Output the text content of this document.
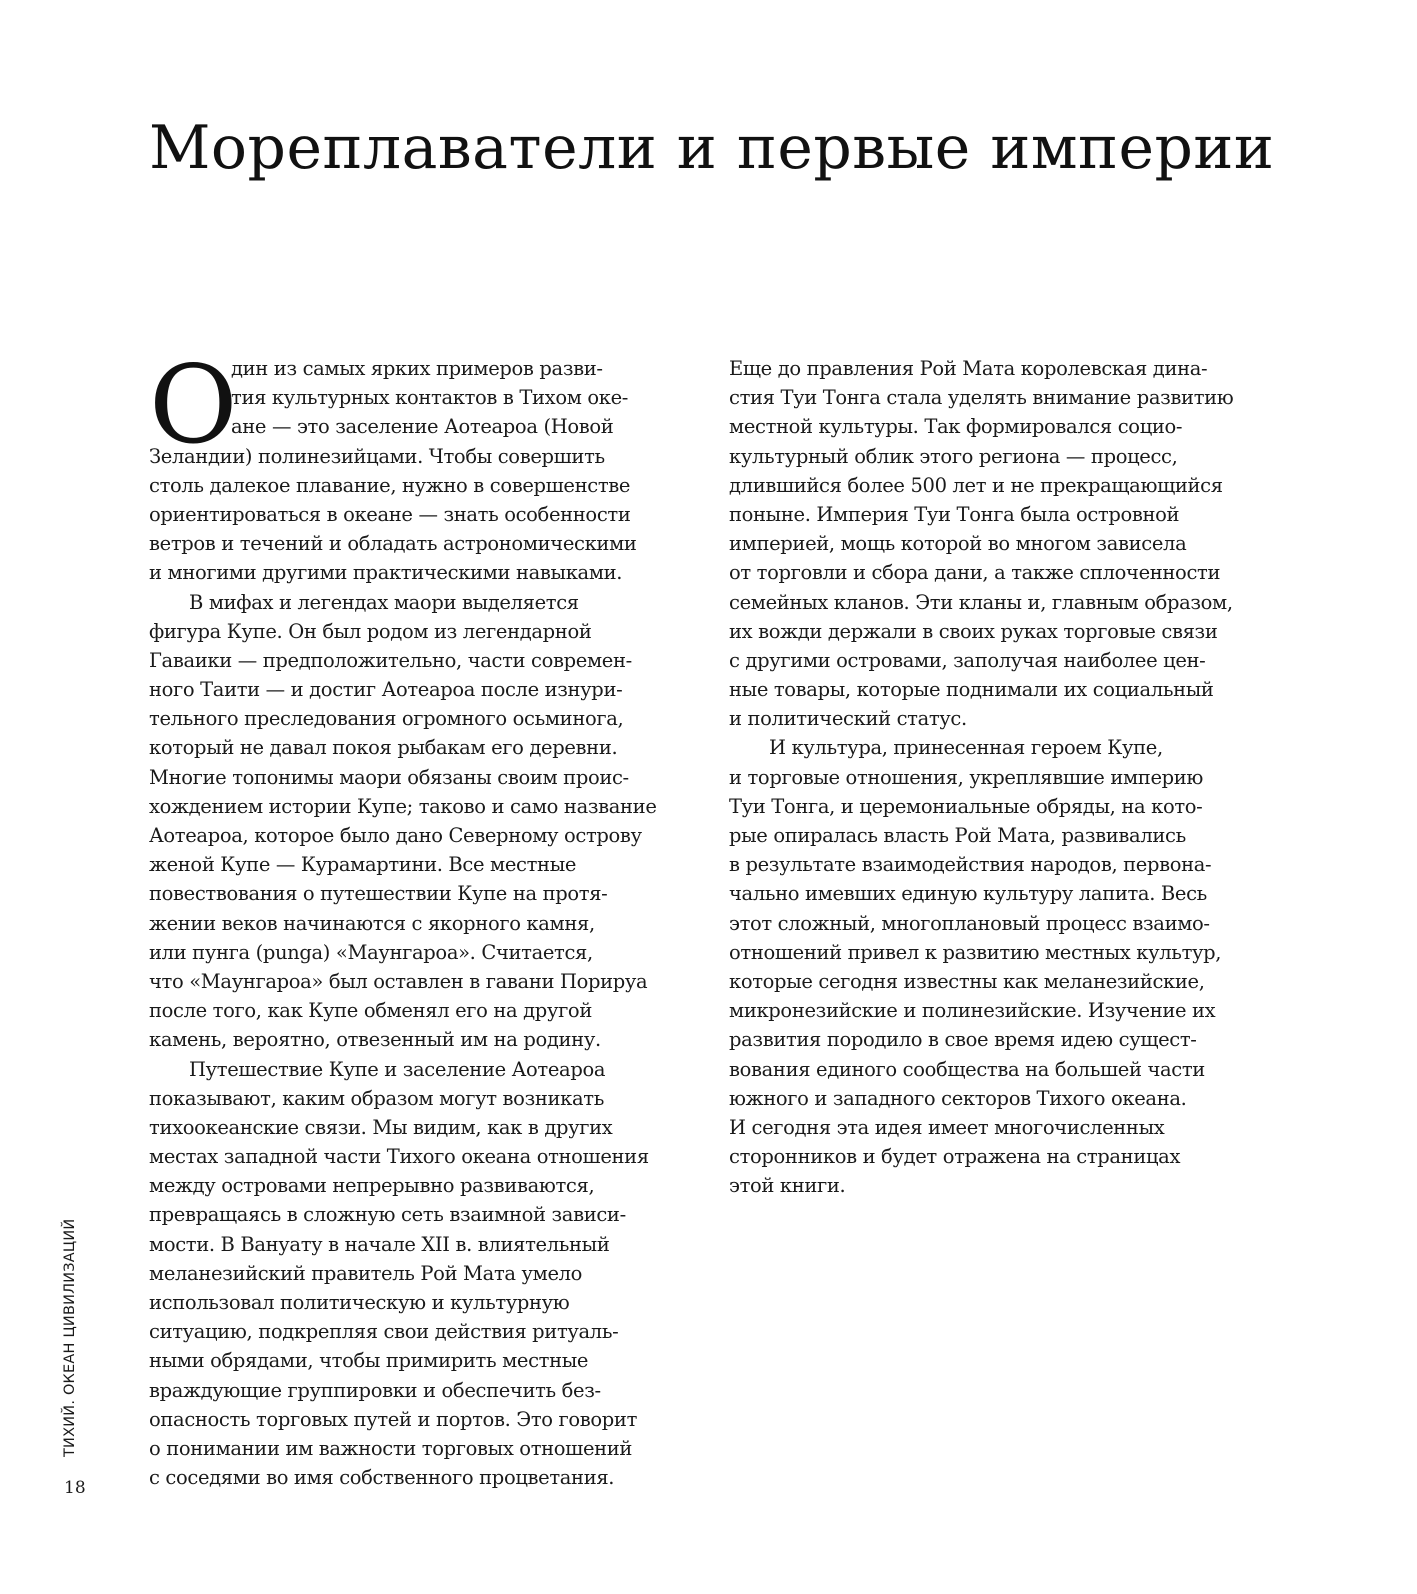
Мореплаватели и первые империи
О
дин из самых ярких примеров разви-
тия культурных контактов в Тихом оке-
ане — это заселение Аотеароа (Новой
Зеландии) полинезийцами. Чтобы совершить
столь далекое плавание, нужно в совершенстве
ориентироваться в океане — знать особенности
ветров и течений и обладать астрономическими
и многими другими практическими навыками.
В мифах и легендах маори выделяется
фигура Купе. Он был родом из легендарной
Гаваики — предположительно, части современ-
ного Таити — и достиг Аотеароа после изнури-
тельного преследования огромного осьминога,
который не давал покоя рыбакам его деревни.
Многие топонимы маори обязаны своим проис-
хождением истории Купе; таково и само название
Аотеароа, которое было дано Северному острову
женой Купе — Курамартини. Все местные
повествования о путешествии Купе на протя-
жении веков начинаются с якорного камня,
или пунга (punga) «Маунгароа». Считается,
что «Маунгароа» был оставлен в гавани Порируа
после того, как Купе обменял его на другой
камень, вероятно, отвезенный им на родину.
Путешествие Купе и заселение Аотеароа
показывают, каким образом могут возникать
тихоокеанские связи. Мы видим, как в других
местах западной части Тихого океана отношения
между островами непрерывно развиваются,
превращаясь в сложную сеть взаимной зависи-
мости. В Вануату в начале XII в. влиятельный
меланезийский правитель Рой Мата умело
использовал политическую и культурную
ситуацию, подкрепляя свои действия ритуаль-
ными обрядами, чтобы примирить местные
враждующие группировки и обеспечить без-
опасность торговых путей и портов. Это говорит
о понимании им важности торговых отношений
с соседями во имя собственного процветания.
Еще до правления Рой Мата королевская дина-
стия Туи Тонга стала уделять внимание развитию
местной культуры. Так формировался социо-
культурный облик этого региона — процесс,
длившийся более 500 лет и не прекращающийся
поныне. Империя Туи Тонга была островной
империей, мощь которой во многом зависела
от торговли и сбора дани, а также сплоченности
семейных кланов. Эти кланы и, главным образом,
их вожди держали в своих руках торговые связи
с другими островами, заполучая наиболее цен-
ные товары, которые поднимали их социальный
и политический статус.
И культура, принесенная героем Купе,
и торговые отношения, укреплявшие империю
Туи Тонга, и церемониальные обряды, на кото-
рые опиралась власть Рой Мата, развивались
в результате взаимодействия народов, первона-
чально имевших единую культуру лапита. Весь
этот сложный, многоплановый процесс взаимо-
отношений привел к развитию местных культур,
которые сегодня известны как меланезийские,
микронезийские и полинезийские. Изучение их
развития породило в свое время идею сущест-
вования единого сообщества на большей части
южного и западного секторов Тихого океана.
И сегодня эта идея имеет многочисленных
сторонников и будет отражена на страницах
этой книги.
ТИХИЙ. ОКЕАН ЦИВИЛИЗАЦИЙ
18
